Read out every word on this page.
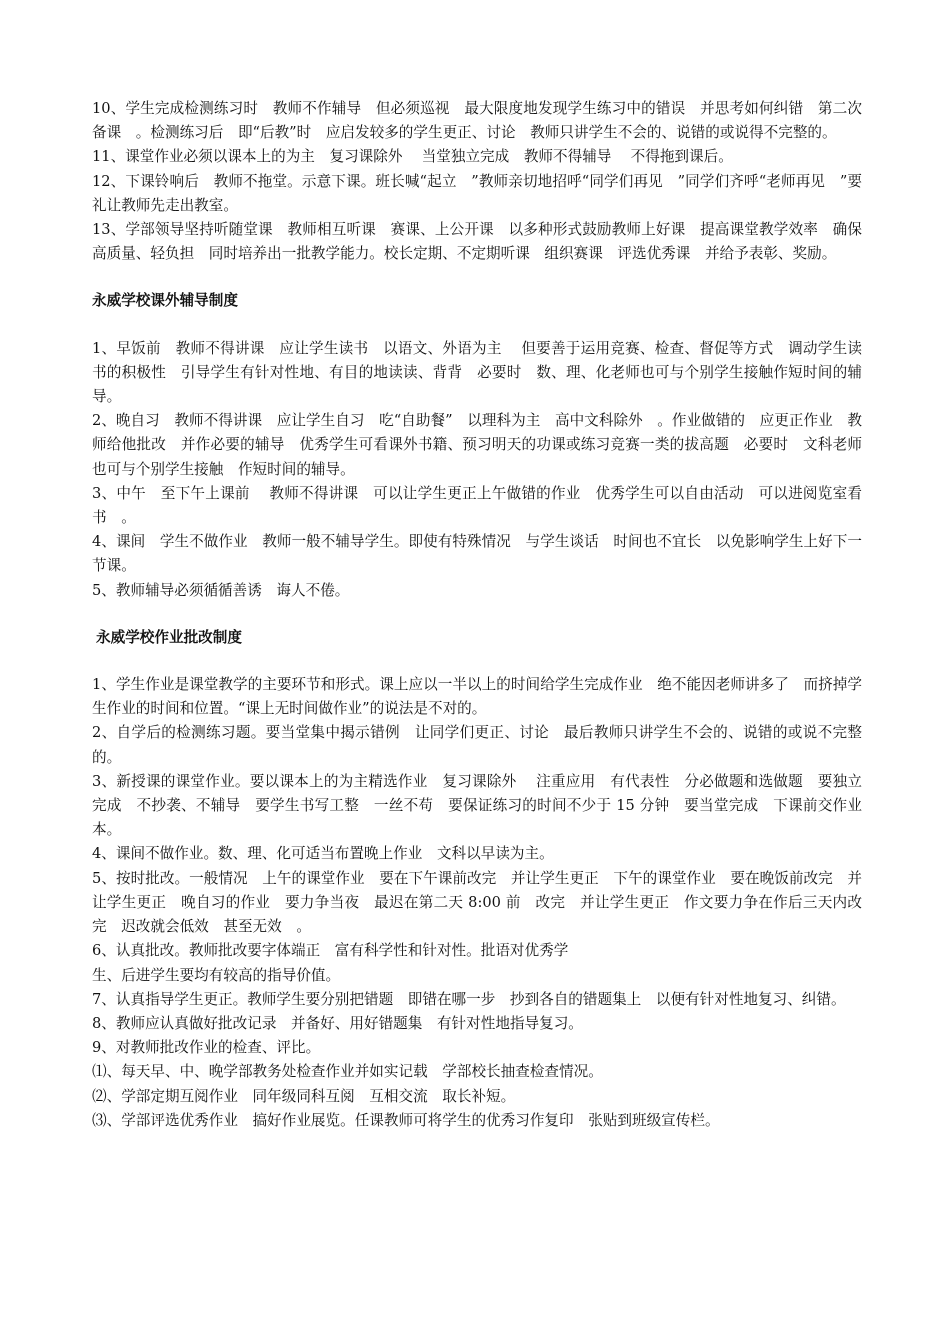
10、学生完成检测练习时　教师不作辅导　但必须巡视　最大限度地发现学生练习中的错误　并思考如何纠错　第二次备课　。检测练习后　即“后教”时　应启发较多的学生更正、讨论　教师只讲学生不会的、说错的或说得不完整的。

11、课堂作业必须以课本上的为主　复习课除外　 当堂独立完成　教师不得辅导　 不得拖到课后。

12、下课铃响后　教师不拖堂。示意下课。班长喊“起立　”教师亲切地招呼“同学们再见　”同学们齐呼“老师再见　”要礼让教师先走出教室。

13、学部领导坚持听随堂课　教师相互听课　赛课、上公开课　以多种形式鼓励教师上好课　提高课堂教学效率　确保高质量、轻负担　同时培养出一批教学能力。校长定期、不定期听课　组织赛课　评选优秀课　并给予表彰、奖励。

永威学校课外辅导制度

1、早饭前　教师不得讲课　应让学生读书　以语文、外语为主　 但要善于运用竞赛、检查、督促等方式　调动学生读书的积极性　引导学生有针对性地、有目的地读读、背背　必要时　数、理、化老师也可与个别学生接触作短时间的辅导。

2、晚自习　教师不得讲课　应让学生自习　吃“自助餐”　以理科为主　高中文科除外　。作业做错的　应更正作业　教师给他批改　并作必要的辅导　优秀学生可看课外书籍、预习明天的功课或练习竞赛一类的拔高题　必要时　文科老师也可与个别学生接触　作短时间的辅导。

3、中午　至下午上课前　 教师不得讲课　可以让学生更正上午做错的作业　优秀学生可以自由活动　可以进阅览室看书　。

4、课间　学生不做作业　教师一般不辅导学生。即使有特殊情况　与学生谈话　时间也不宜长　以免影响学生上好下一节课。

5、教师辅导必须循循善诱　诲人不倦。

永威学校作业批改制度

1、学生作业是课堂教学的主要环节和形式。课上应以一半以上的时间给学生完成作业　绝不能因老师讲多了　而挤掉学生作业的时间和位置。“课上无时间做作业”的说法是不对的。

2、自学后的检测练习题。要当堂集中揭示错例　让同学们更正、讨论　最后教师只讲学生不会的、说错的或说不完整的。

3、新授课的课堂作业。要以课本上的为主精选作业　复习课除外　 注重应用　有代表性　分必做题和选做题　要独立完成　不抄袭、不辅导　要学生书写工整　一丝不苟　要保证练习的时间不少于 15 分钟　要当堂完成　下课前交作业本。

4、课间不做作业。数、理、化可适当布置晚上作业　文科以早读为主。

5、按时批改。一般情况　上午的课堂作业　要在下午课前改完　并让学生更正　下午的课堂作业　要在晚饭前改完　并让学生更正　晚自习的作业　要力争当夜　最迟在第二天 8:00 前　改完　并让学生更正　作文要力争在作后三天内改完　迟改就会低效　甚至无效　。

6、认真批改。教师批改要字体端正　富有科学性和针对性。批语对优秀学

生、后进学生要均有较高的指导价值。

7、认真指导学生更正。教师学生要分别把错题　即错在哪一步　抄到各自的错题集上　以便有针对性地复习、纠错。

8、教师应认真做好批改记录　并备好、用好错题集　有针对性地指导复习。

9、对教师批改作业的检查、评比。

⑴、每天早、中、晚学部教务处检查作业并如实记载　学部校长抽查检查情况。

⑵、学部定期互阅作业　同年级同科互阅　互相交流　取长补短。

⑶、学部评选优秀作业　搞好作业展览。任课教师可将学生的优秀习作复印　张贴到班级宣传栏。
